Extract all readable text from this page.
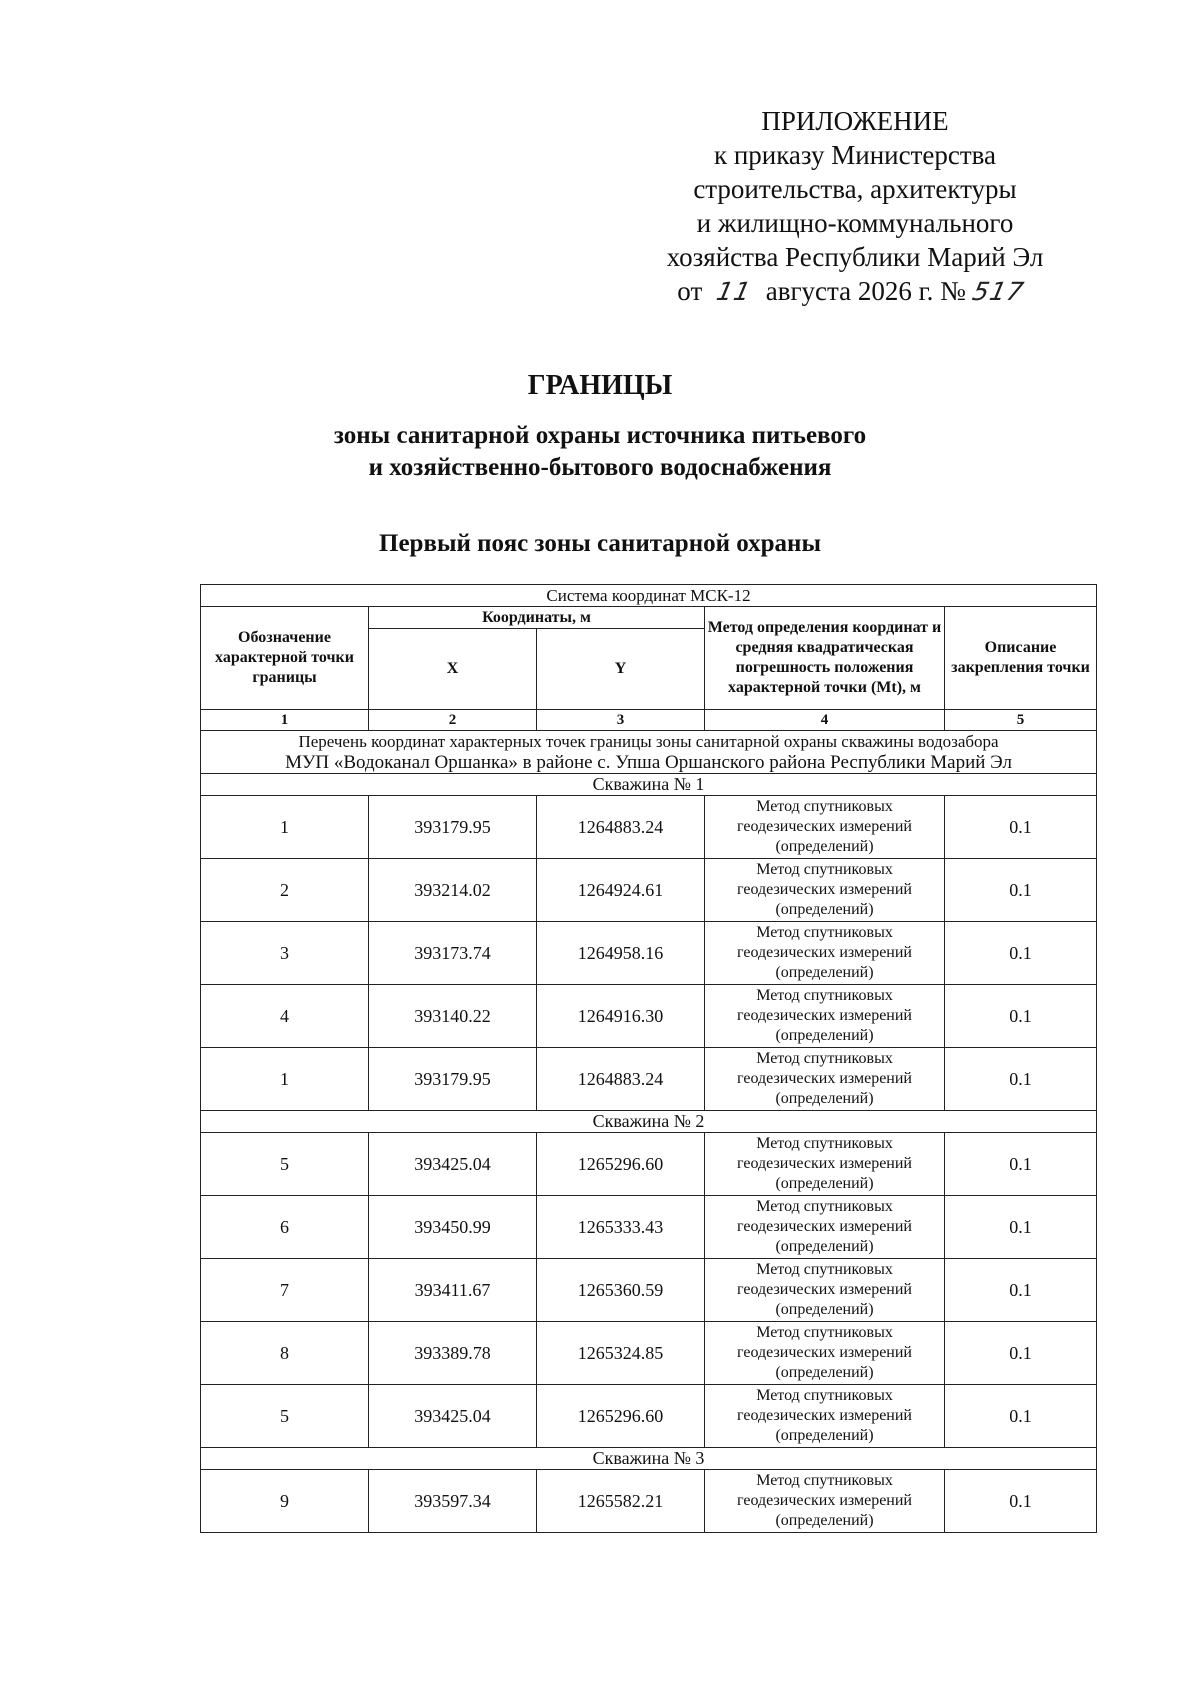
ПРИЛОЖЕНИЕ
к приказу Министерства
строительства, архитектуры
и жилищно-коммунального
хозяйства Республики Марий Эл
от 11 августа 2026 г. № 517
ГРАНИЦЫ
зоны санитарной охраны источника питьевого
и хозяйственно-бытового водоснабжения
Первый пояс зоны санитарной охраны
Система координат МСК-12				
Обозначение характерной точки границы	Координаты, м		Метод определения координат и средняя квадратическая погрешность положения характерной точки (Mt), м	Описание закрепления точки
	X	Y		
1	2	3	4	5

Перечень координат характерных точек границы зоны санитарной охраны скважины водозабора
МУП «Водоканал Оршанка» в районе с. Упша Оршанского района Республики Марий Эл				

Скважина № 1				
1	393179.95	1264883.24	Метод спутниковых
геодезических измерений
(определений)	0.1
2	393214.02	1264924.61	Метод спутниковых
геодезических измерений
(определений)	0.1
3	393173.74	1264958.16	Метод спутниковых
геодезических измерений
(определений)	0.1
4	393140.22	1264916.30	Метод спутниковых
геодезических измерений
(определений)	0.1
1	393179.95	1264883.24	Метод спутниковых
геодезических измерений
(определений)	0.1
Скважина № 2				
5	393425.04	1265296.60	Метод спутниковых
геодезических измерений
(определений)	0.1
6	393450.99	1265333.43	Метод спутниковых
геодезических измерений
(определений)	0.1
7	393411.67	1265360.59	Метод спутниковых
геодезических измерений
(определений)	0.1
8	393389.78	1265324.85	Метод спутниковых
геодезических измерений
(определений)	0.1
5	393425.04	1265296.60	Метод спутниковых
геодезических измерений
(определений)	0.1
Скважина № 3				
9	393597.34	1265582.21	Метод спутниковых
геодезических измерений
(определений)	0.1
